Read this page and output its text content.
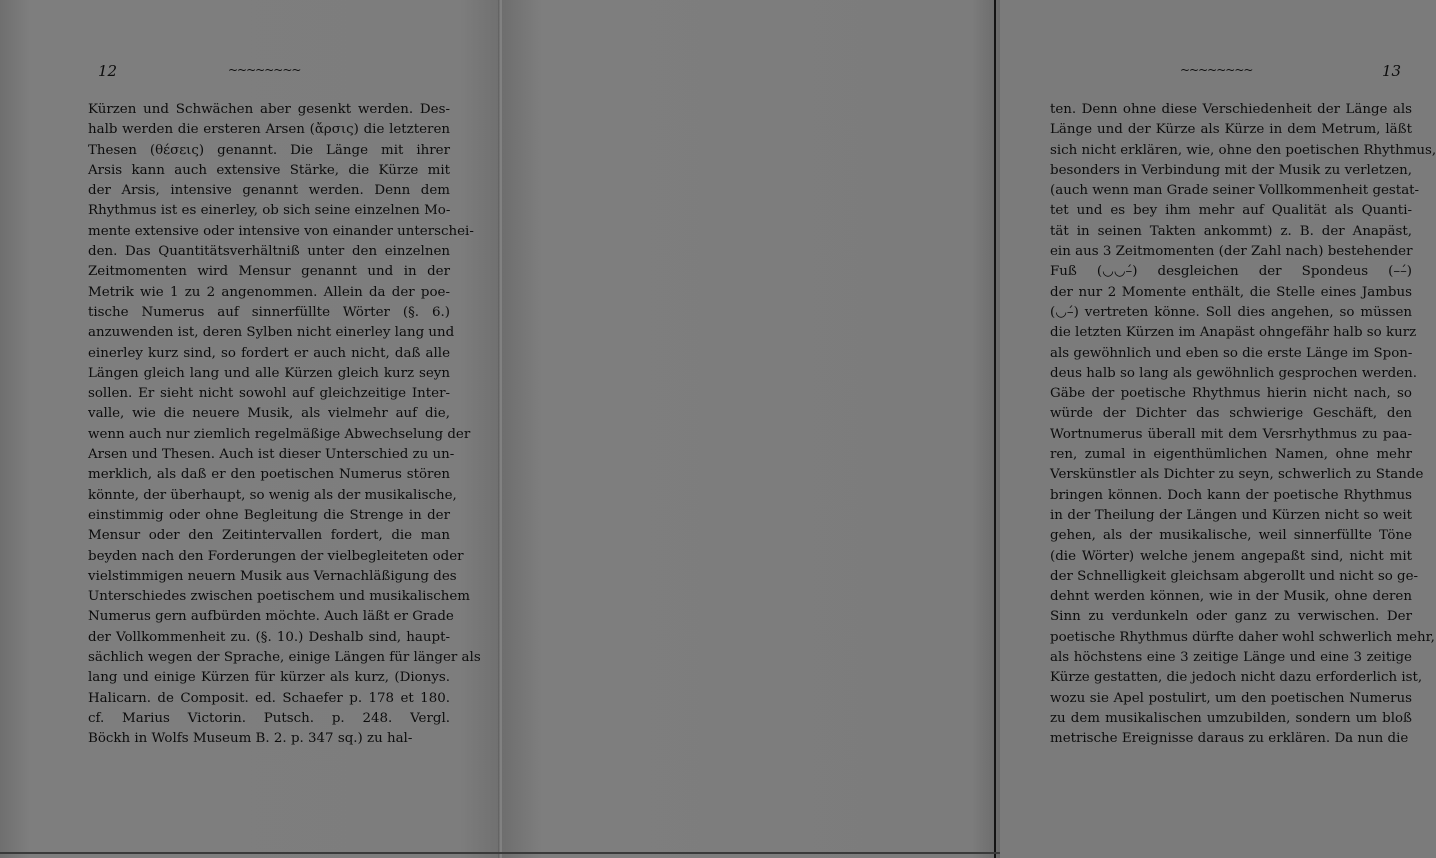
12	~~~~~~~~
Kürzen und Schwächen aber gesenkt werden. Des-
halb werden die ersteren Arsen (ἄρσις) die letzteren
Thesen (θέσεις) genannt. Die Länge mit ihrer
Arsis kann auch extensive Stärke, die Kürze mit
der Arsis, intensive genannt werden. Denn dem
Rhythmus ist es einerley, ob sich seine einzelnen Mo-
mente extensive oder intensive von einander unterschei-
den. Das Quantitätsverhältniß unter den einzelnen
Zeitmomenten wird Mensur genannt und in der
Metrik wie 1 zu 2 angenommen. Allein da der poe-
tische Numerus auf sinnerfüllte Wörter (§. 6.)
anzuwenden ist, deren Sylben nicht einerley lang und
einerley kurz sind, so fordert er auch nicht, daß alle
Längen gleich lang und alle Kürzen gleich kurz seyn
sollen. Er sieht nicht sowohl auf gleichzeitige Inter-
valle, wie die neuere Musik, als vielmehr auf die,
wenn auch nur ziemlich regelmäßige Abwechselung der
Arsen und Thesen. Auch ist dieser Unterschied zu un-
merklich, als daß er den poetischen Numerus stören
könnte, der überhaupt, so wenig als der musikalische,
einstimmig oder ohne Begleitung die Strenge in der
Mensur oder den Zeitintervallen fordert, die man
beyden nach den Forderungen der vielbegleiteten oder
vielstimmigen neuern Musik aus Vernachläßigung des
Unterschiedes zwischen poetischem und musikalischem
Numerus gern aufbürden möchte. Auch läßt er Grade
der Vollkommenheit zu. (§. 10.) Deshalb sind, haupt-
sächlich wegen der Sprache, einige Längen für länger als
lang und einige Kürzen für kürzer als kurz, (Dionys.
Halicarn. de Composit. ed. Schaefer p. 178 et 180.
cf. Marius Victorin. Putsch. p. 248. Vergl.
Böckh in Wolfs Museum B. 2. p. 347 sq.) zu hal-
13
~~~~~~~~
ten. Denn ohne diese Verschiedenheit der Länge als
Länge und der Kürze als Kürze in dem Metrum, läßt
sich nicht erklären, wie, ohne den poetischen Rhythmus,
besonders in Verbindung mit der Musik zu verletzen,
(auch wenn man Grade seiner Vollkommenheit gestat-
tet und es bey ihm mehr auf Qualität als Quanti-
tät in seinen Takten ankommt) z. B. der Anapäst,
ein aus 3 Zeitmomenten (der Zahl nach) bestehender
Fuß (◡◡–́) desgleichen der Spondeus (––́)
der nur 2 Momente enthält, die Stelle eines Jambus
(◡–́) vertreten könne. Soll dies angehen, so müssen
die letzten Kürzen im Anapäst ohngefähr halb so kurz
als gewöhnlich und eben so die erste Länge im Spon-
deus halb so lang als gewöhnlich gesprochen werden.
Gäbe der poetische Rhythmus hierin nicht nach, so
würde der Dichter das schwierige Geschäft, den
Wortnumerus überall mit dem Versrhythmus zu paa-
ren, zumal in eigenthümlichen Namen, ohne mehr
Verskünstler als Dichter zu seyn, schwerlich zu Stande
bringen können. Doch kann der poetische Rhythmus
in der Theilung der Längen und Kürzen nicht so weit
gehen, als der musikalische, weil sinnerfüllte Töne
(die Wörter) welche jenem angepaßt sind, nicht mit
der Schnelligkeit gleichsam abgerollt und nicht so ge-
dehnt werden können, wie in der Musik, ohne deren
Sinn zu verdunkeln oder ganz zu verwischen. Der
poetische Rhythmus dürfte daher wohl schwerlich mehr,
als höchstens eine 3 zeitige Länge und eine 3 zeitige
Kürze gestatten, die jedoch nicht dazu erforderlich ist,
wozu sie Apel postulirt, um den poetischen Numerus
zu dem musikalischen umzubilden, sondern um bloß
metrische Ereignisse daraus zu erklären. Da nun die
